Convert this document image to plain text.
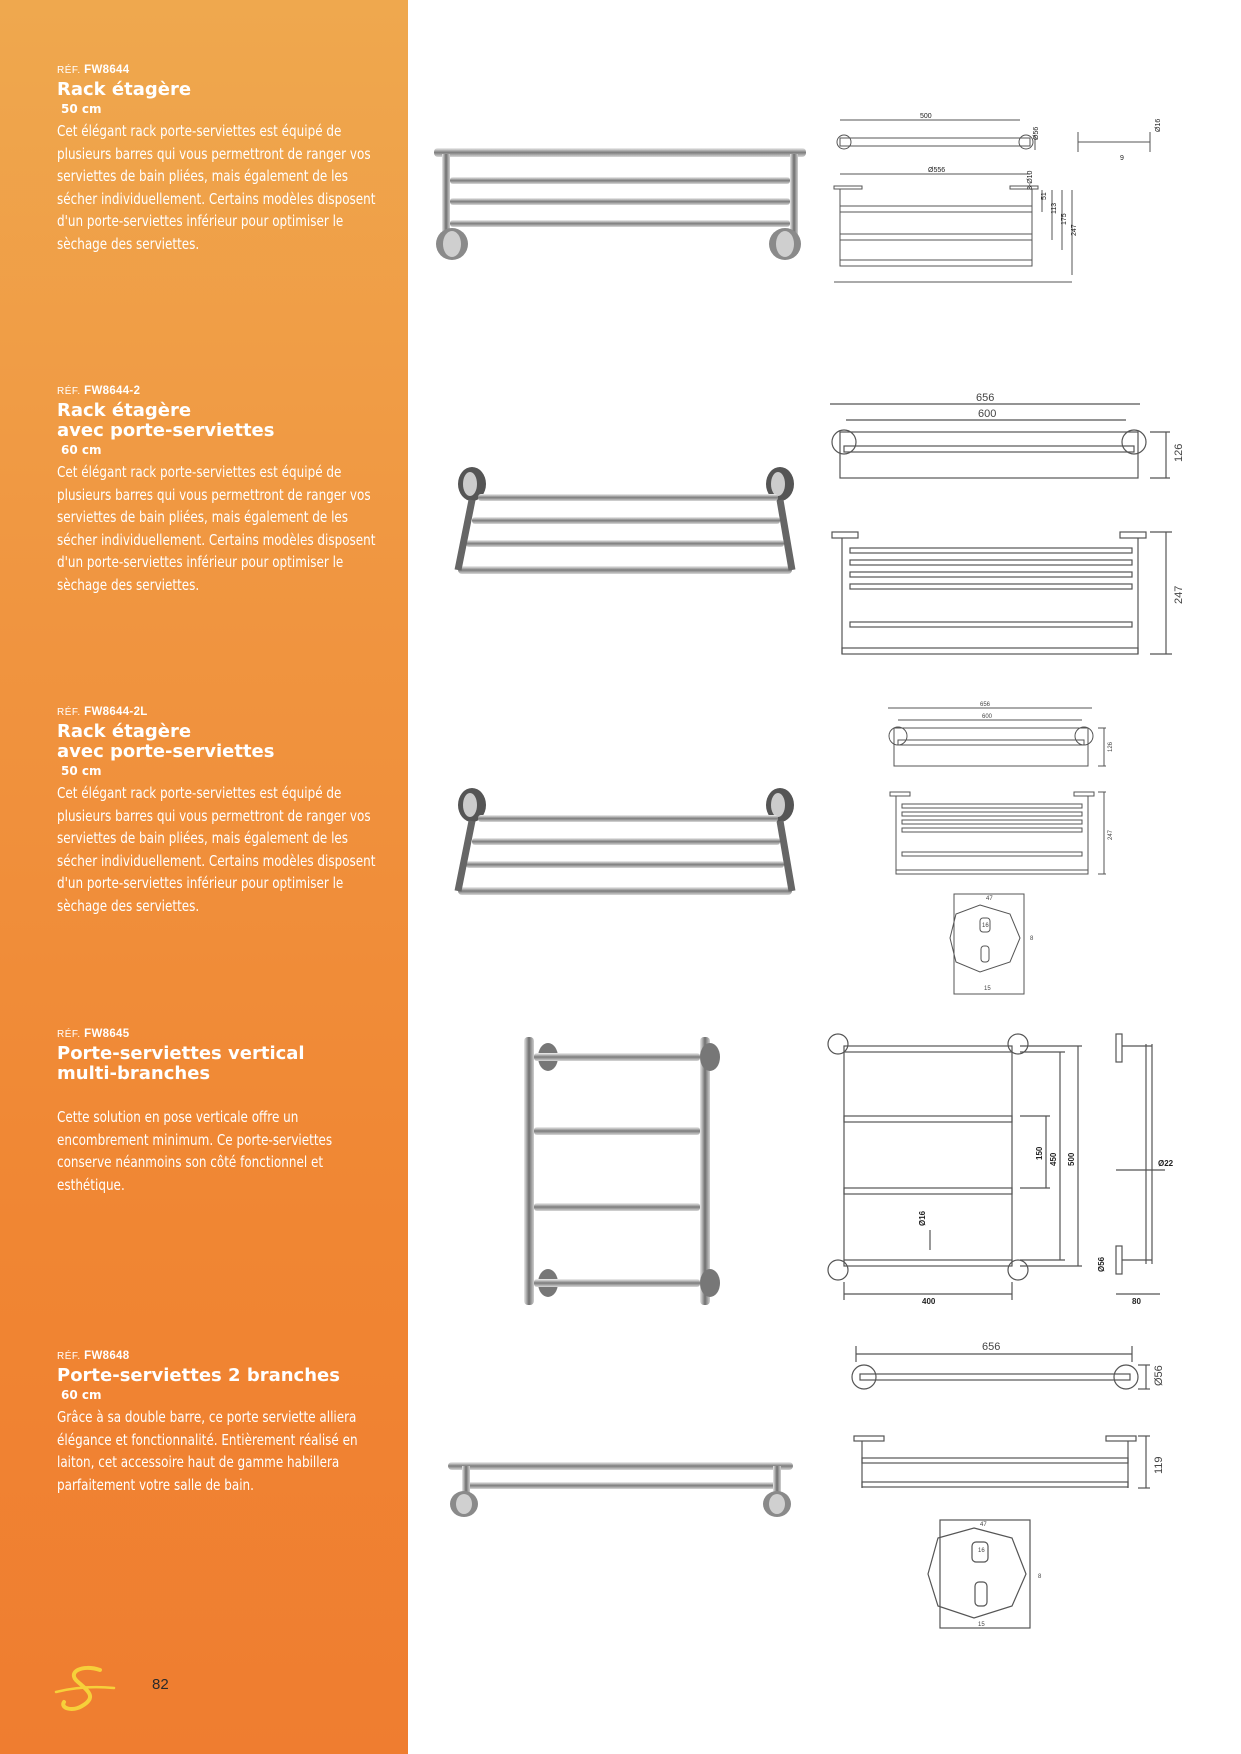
RÉF. FW8644
Rack étagère
50 cm
Cet élégant rack porte-serviettes est équipé de plusieurs barres qui vous permettront de ranger vos serviettes de bain pliées, mais également de les sécher individuellement. Certains modèles disposent d'un porte-serviettes inférieur pour optimiser le sèchage des serviettes.
RÉF. FW8644-2
Rack étagère
avec porte-serviettes
60 cm
Cet élégant rack porte-serviettes est équipé de plusieurs barres qui vous permettront de ranger vos serviettes de bain pliées, mais également de les sécher individuellement. Certains modèles disposent d'un porte-serviettes inférieur pour optimiser le sèchage des serviettes.
RÉF. FW8644-2L
Rack étagère
avec porte-serviettes
50 cm
Cet élégant rack porte-serviettes est équipé de plusieurs barres qui vous permettront de ranger vos serviettes de bain pliées, mais également de les sécher individuellement. Certains modèles disposent d'un porte-serviettes inférieur pour optimiser le sèchage des serviettes.
RÉF. FW8645
Porte-serviettes vertical
multi-branches
Cette solution en pose verticale offre un encombrement minimum. Ce porte-serviettes conserve néanmoins son côté fonctionnel et esthétique.
RÉF. FW8648
Porte-serviettes 2 branches
60 cm
Grâce à sa double barre, ce porte serviette alliera élégance et fonctionnalité. Entièrement réalisé en laiton, cet accessoire haut de gamme habillera parfaitement votre salle de bain.
82
500
Ø56
Ø16
9
Ø556
3-Ø10
51
113
175
247
656
600
126
247
656
600
126
247
47
16
8
15
150 450 500
Ø16
400
Ø22
Ø56
80
656
Ø56
119
47
16
8
15
